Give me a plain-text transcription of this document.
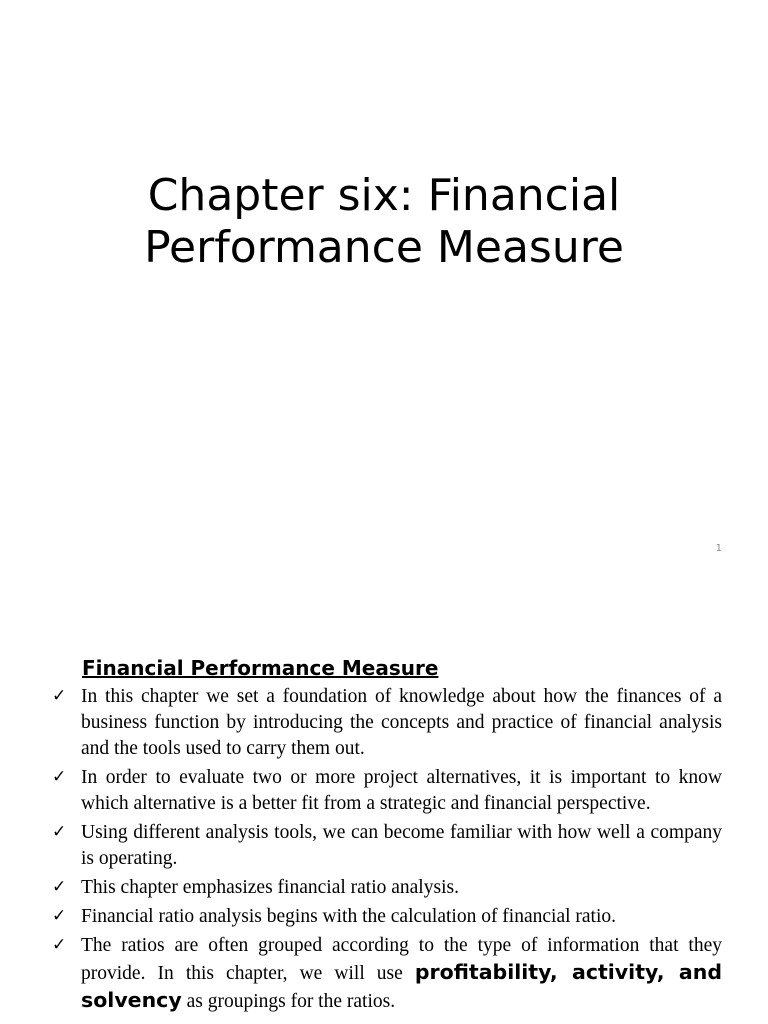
Chapter six: Financial
Performance Measure
1
Financial Performance Measure
✓ In this chapter we set a foundation of knowledge about how the finances of a business function by introducing the concepts and practice of financial analysis and the tools used to carry them out.
✓ In order to evaluate two or more project alternatives, it is important to know which alternative is a better fit from a strategic and financial perspective.
✓ Using different analysis tools, we can become familiar with how well a company is operating.
✓ This chapter emphasizes financial ratio analysis.
✓ Financial ratio analysis begins with the calculation of financial ratio.
✓ The ratios are often grouped according to the type of information that they provide. In this chapter, we will use profitability, activity, and solvency as groupings for the ratios.
